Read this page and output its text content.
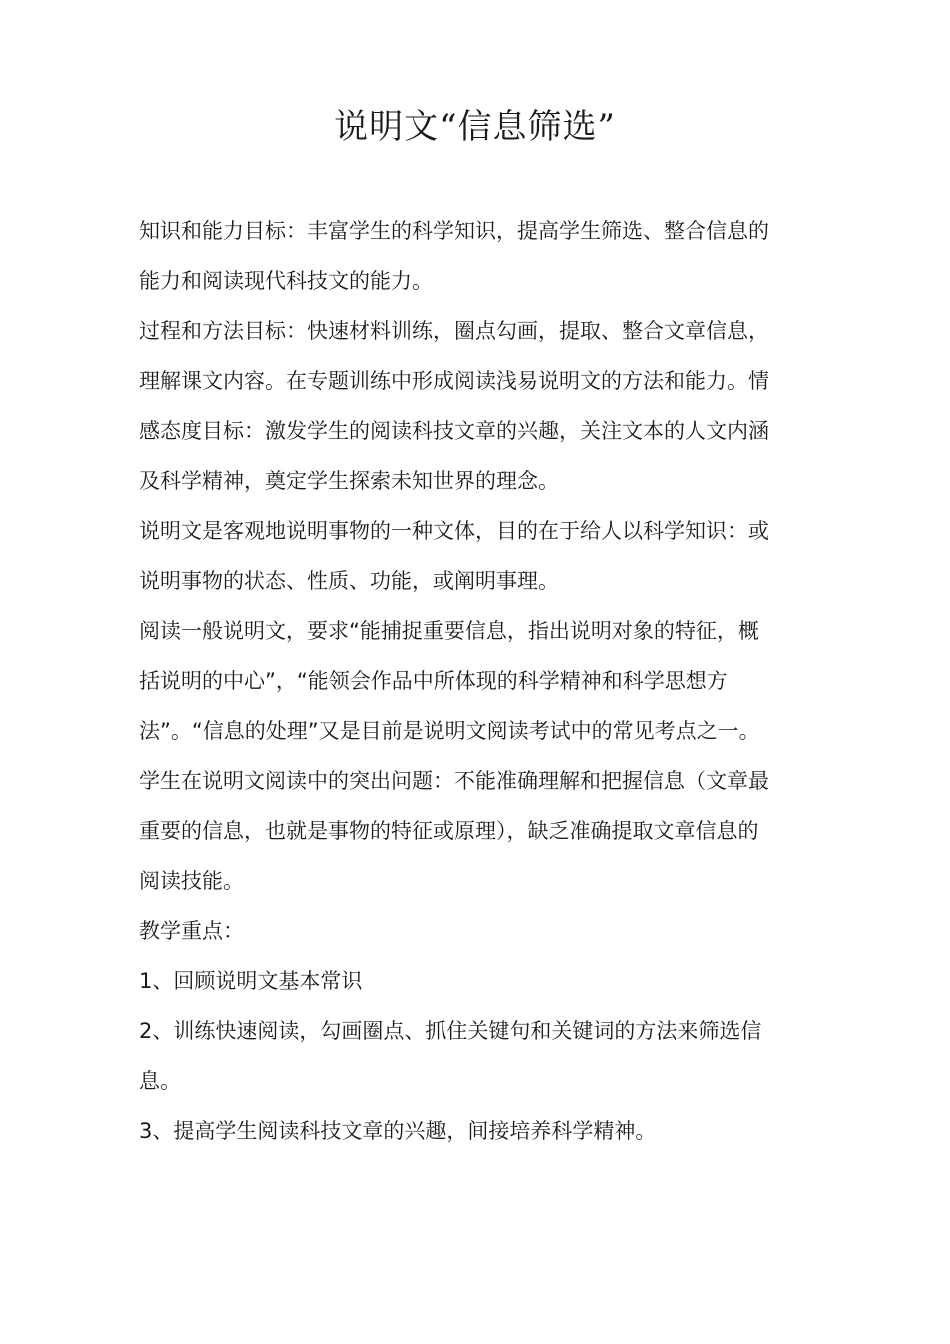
说明文“信息筛选”

知识和能力目标：丰富学生的科学知识，提高学生筛选、整合信息的
能力和阅读现代科技文的能力。
过程和方法目标：快速材料训练，圈点勾画，提取、整合文章信息，
理解课文内容。在专题训练中形成阅读浅易说明文的方法和能力。情
感态度目标：激发学生的阅读科技文章的兴趣，关注文本的人文内涵
及科学精神，奠定学生探索未知世界的理念。

说明文是客观地说明事物的一种文体，目的在于给人以科学知识：或
说明事物的状态、性质、功能，或阐明事理。

阅读一般说明文，要求“能捕捉重要信息，指出说明对象的特征，概
括说明的中心”，“能领会作品中所体现的科学精神和科学思想方
法”。“信息的处理”又是目前是说明文阅读考试中的常见考点之一。

学生在说明文阅读中的突出问题：不能准确理解和把握信息（文章最
重要的信息，也就是事物的特征或原理），缺乏准确提取文章信息的
阅读技能。

教学重点：

1、回顾说明文基本常识

2、训练快速阅读，勾画圈点、抓住关键句和关键词的方法来筛选信
息。

3、提高学生阅读科技文章的兴趣，间接培养科学精神。
